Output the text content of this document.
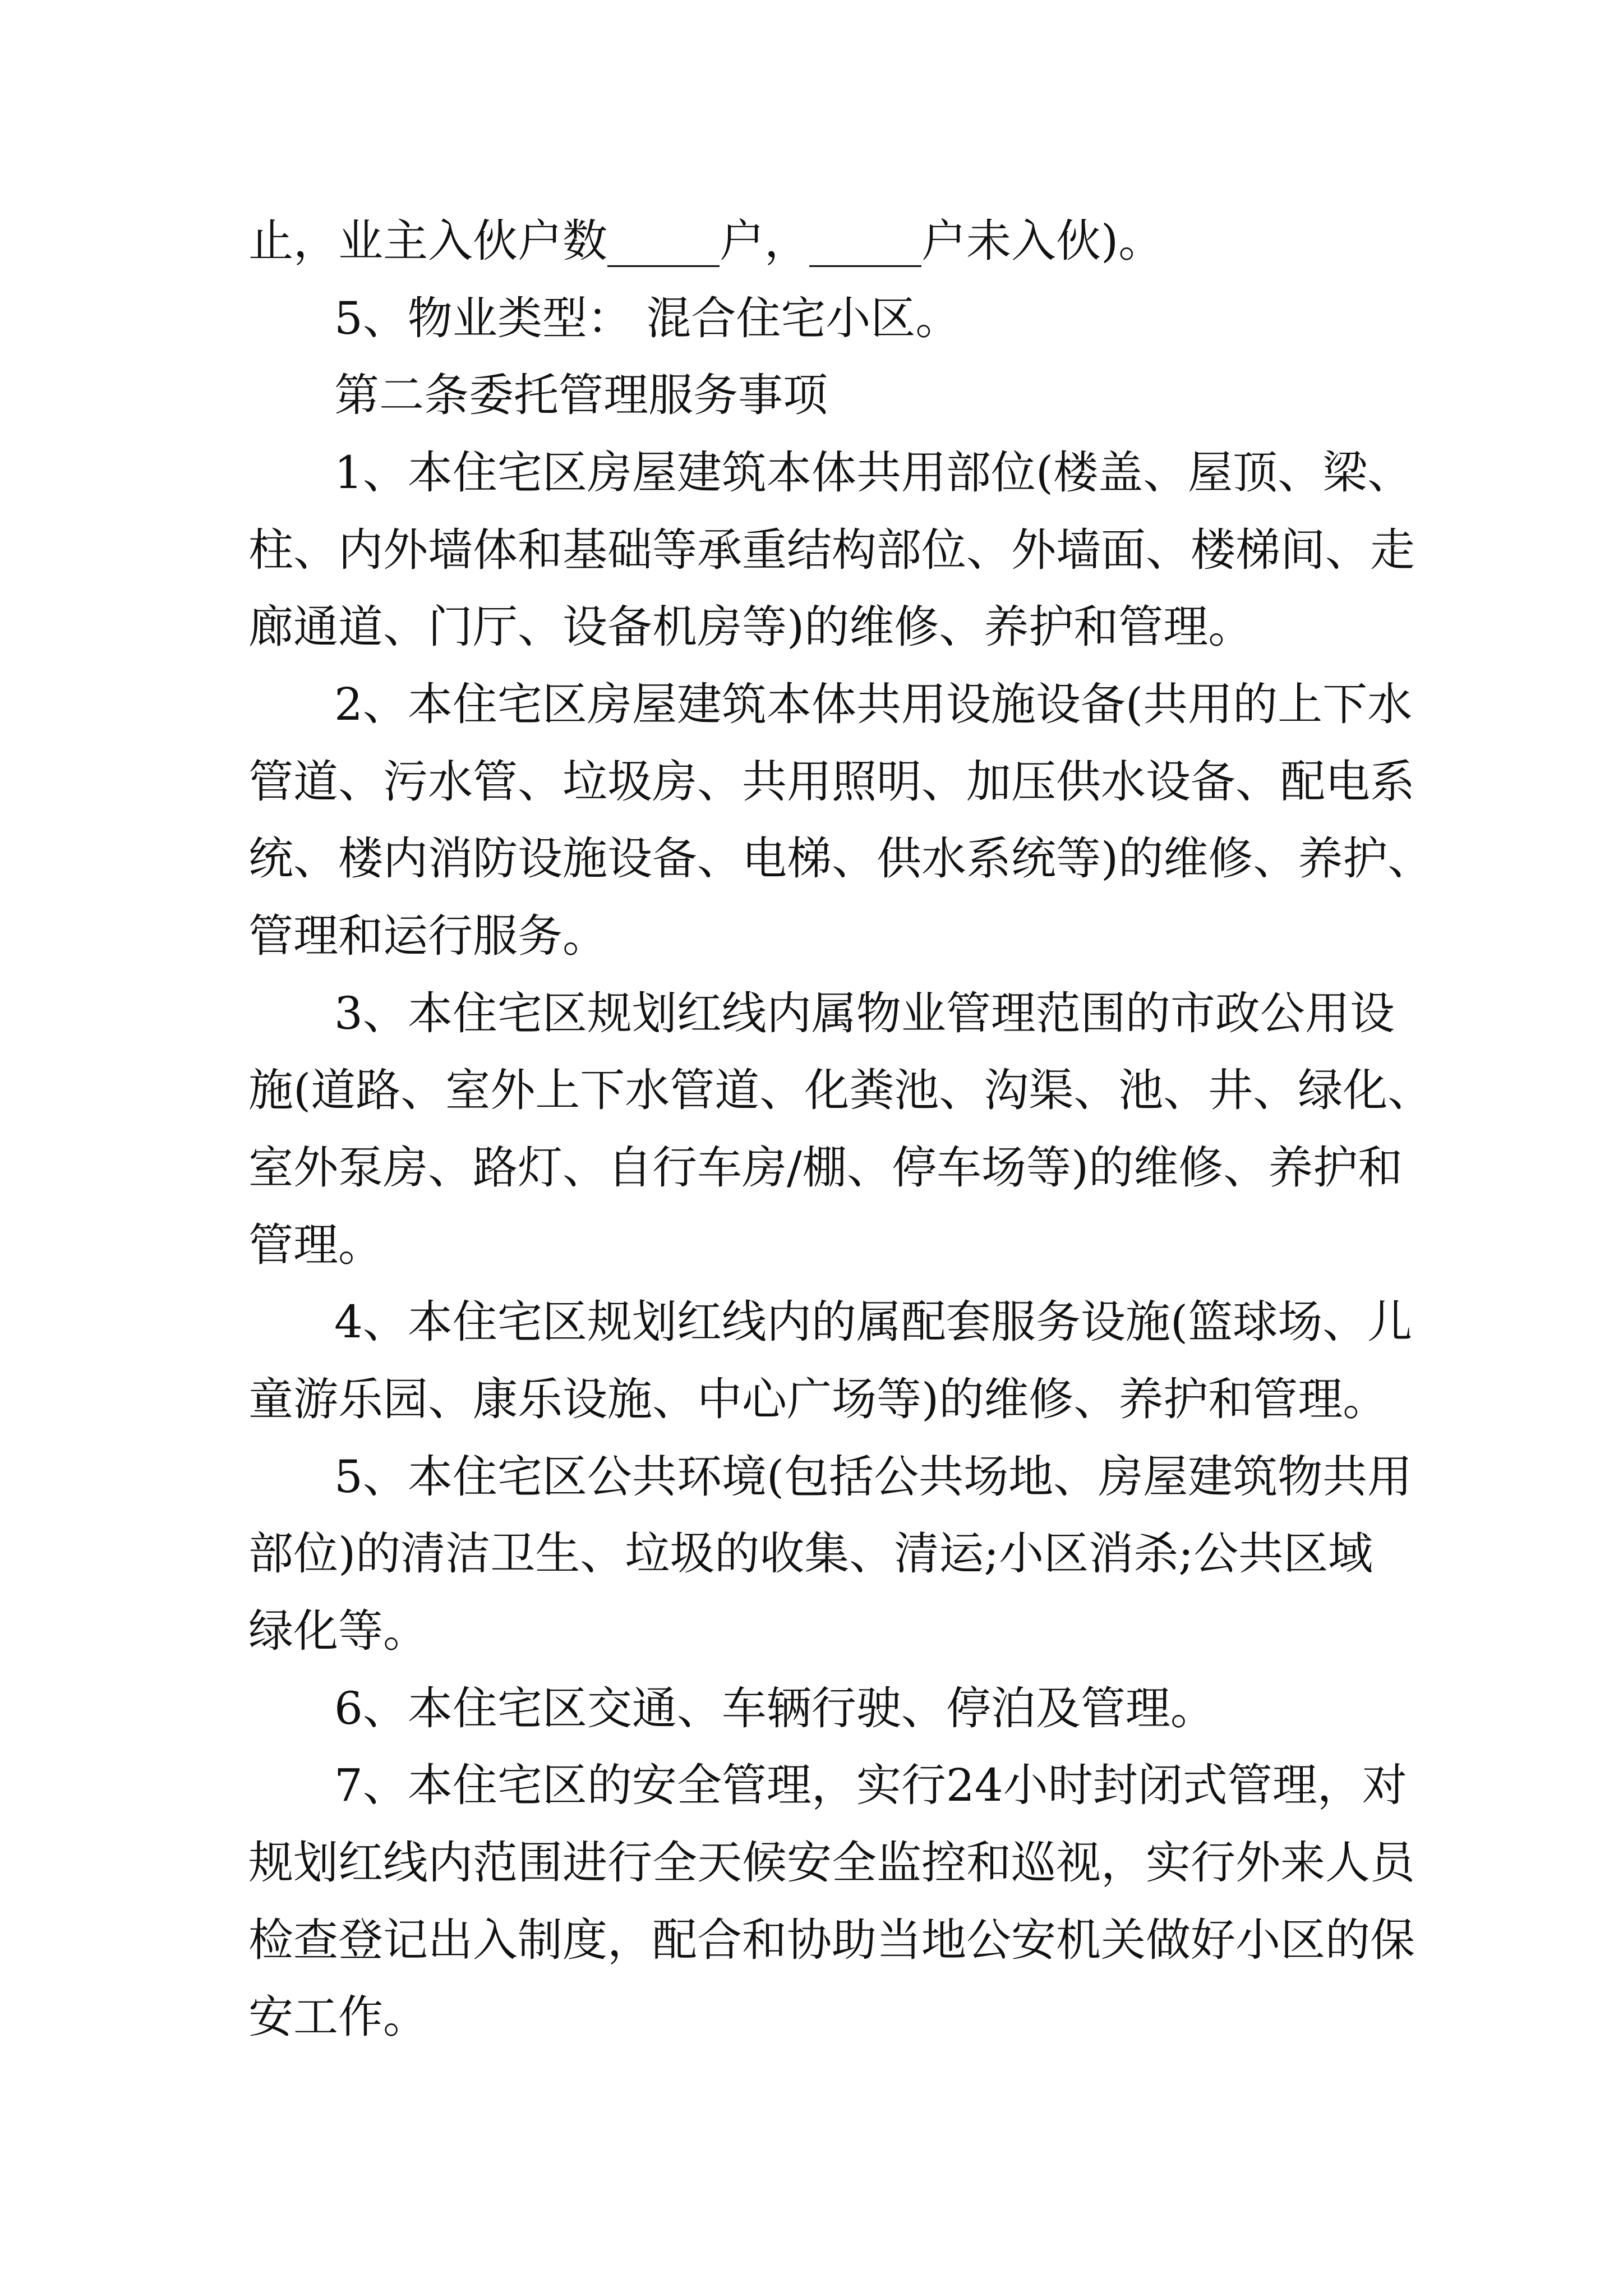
止，业主入伙户数_____户，_____户未入伙)。
5、物业类型： 混合住宅小区。
第二条委托管理服务事项
1、本住宅区房屋建筑本体共用部位(楼盖、屋顶、梁、
柱、内外墙体和基础等承重结构部位、外墙面、楼梯间、走
廊通道、门厅、设备机房等)的维修、养护和管理。
2、本住宅区房屋建筑本体共用设施设备(共用的上下水
管道、污水管、垃圾房、共用照明、加压供水设备、配电系
统、楼内消防设施设备、电梯、供水系统等)的维修、养护、
管理和运行服务。
3、本住宅区规划红线内属物业管理范围的市政公用设
施(道路、室外上下水管道、化粪池、沟渠、池、井、绿化、
室外泵房、路灯、自行车房/棚、停车场等)的维修、养护和
管理。
4、本住宅区规划红线内的属配套服务设施(篮球场、儿
童游乐园、康乐设施、中心广场等)的维修、养护和管理。
5、本住宅区公共环境(包括公共场地、房屋建筑物共用
部位)的清洁卫生、垃圾的收集、清运;小区消杀;公共区域
绿化等。
6、本住宅区交通、车辆行驶、停泊及管理。
7、本住宅区的安全管理，实行24小时封闭式管理，对
规划红线内范围进行全天候安全监控和巡视，实行外来人员
检查登记出入制度，配合和协助当地公安机关做好小区的保
安工作。
